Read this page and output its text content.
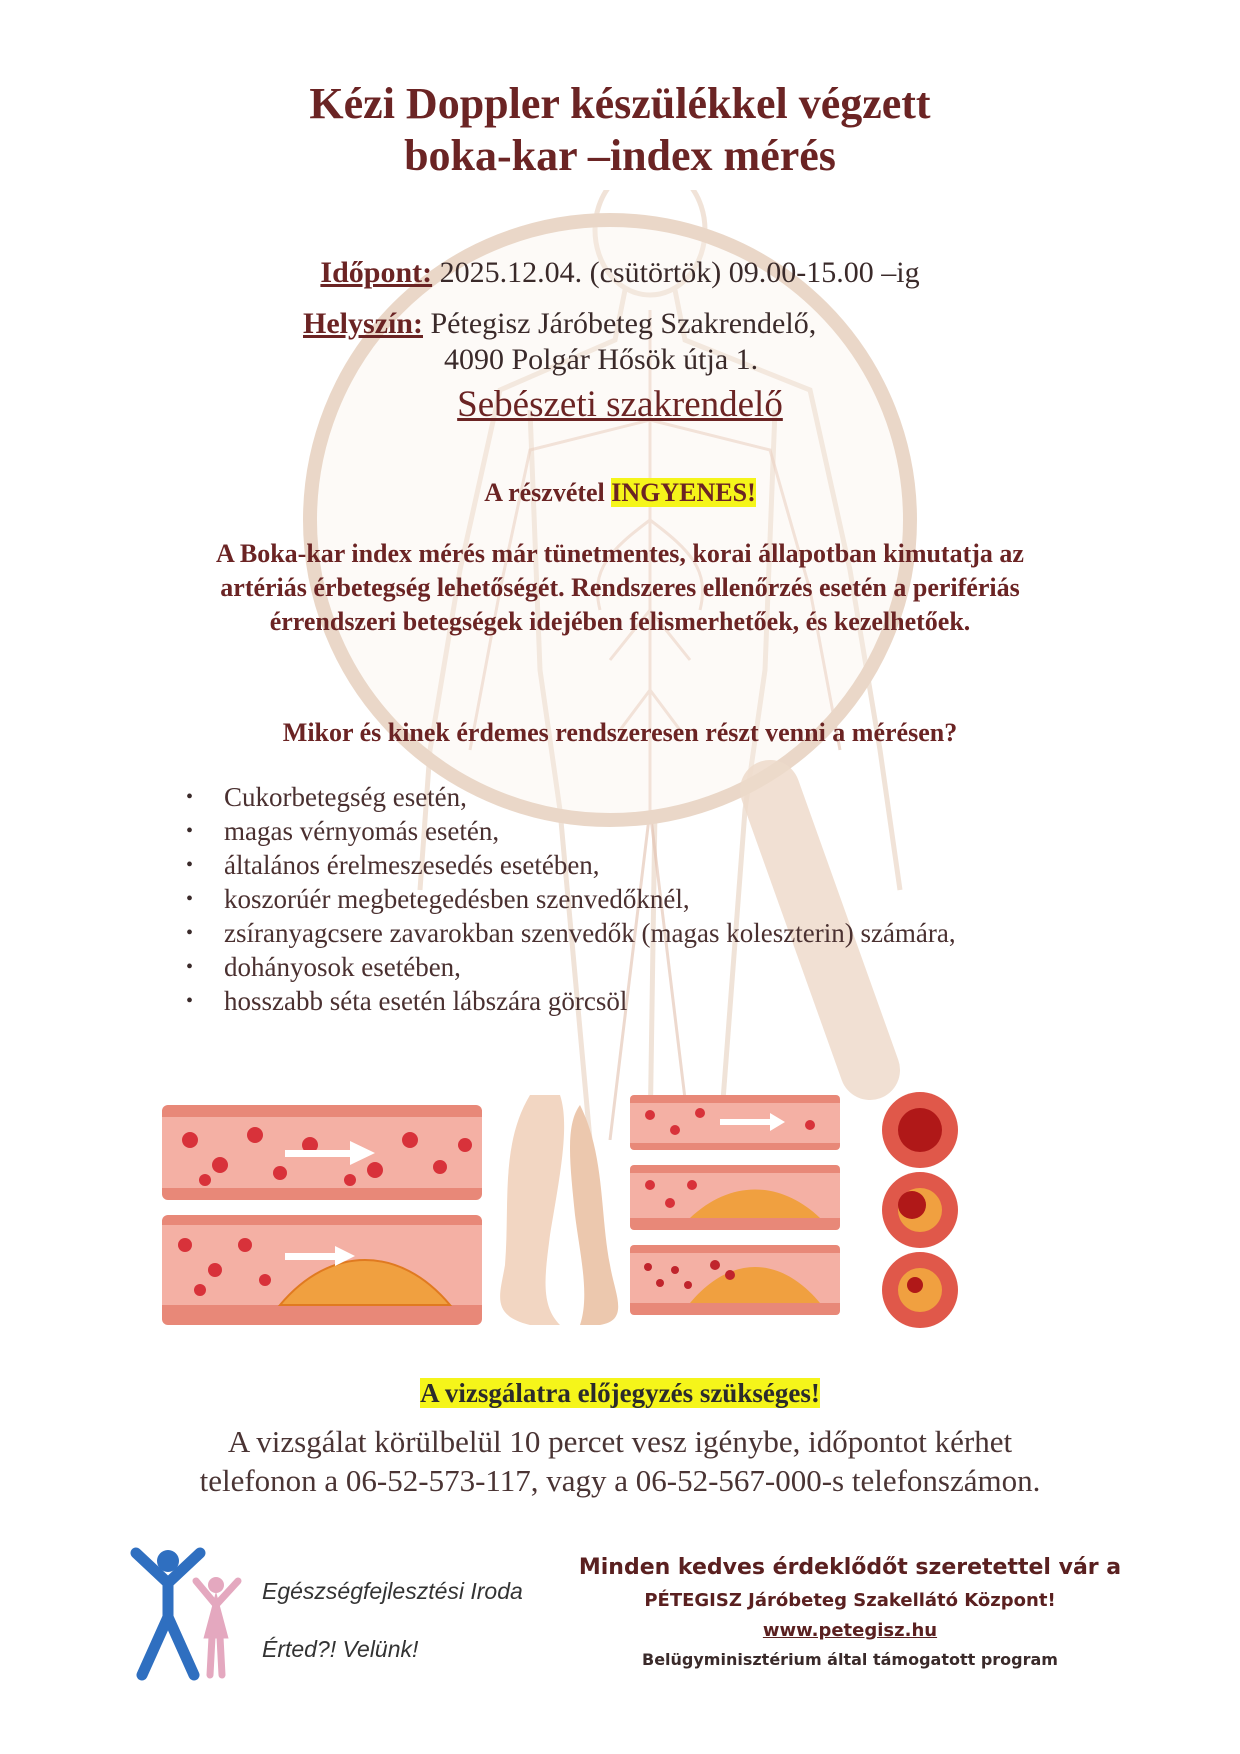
Kézi Doppler készülékkel végzett
boka-kar –index mérés
Időpont: 2025.12.04. (csütörtök) 09.00-15.00 –ig
Helyszín: Pétegisz Járóbeteg Szakrendelő,
4090 Polgár Hősök útja 1.
Sebészeti szakrendelő
A részvétel INGYENES!
A Boka-kar index mérés már tünetmentes, korai állapotban kimutatja az
artériás érbetegség lehetőségét. Rendszeres ellenőrzés esetén a perifériás
érrendszeri betegségek idejében felismerhetőek, és kezelhetőek.
Mikor és kinek érdemes rendszeresen részt venni a mérésen?
• Cukorbetegség esetén,
• magas vérnyomás esetén,
• általános érelmeszesedés esetében,
• koszorúér megbetegedésben szenvedőknél,
• zsíranyagcsere zavarokban szenvedők (magas koleszterin) számára,
• dohányosok esetében,
• hosszabb séta esetén lábszára görcsöl
A vizsgálatra előjegyzés szükséges!
A vizsgálat körülbelül 10 percet vesz igénybe, időpontot kérhet
telefonon a 06-52-573-117, vagy a 06-52-567-000-s telefonszámon.
Egészségfejlesztési Iroda
Érted?! Velünk!
Minden kedves érdeklődőt szeretettel vár a
PÉTEGISZ Járóbeteg Szakellátó Központ!
www.petegisz.hu
Belügyminisztérium által támogatott program
